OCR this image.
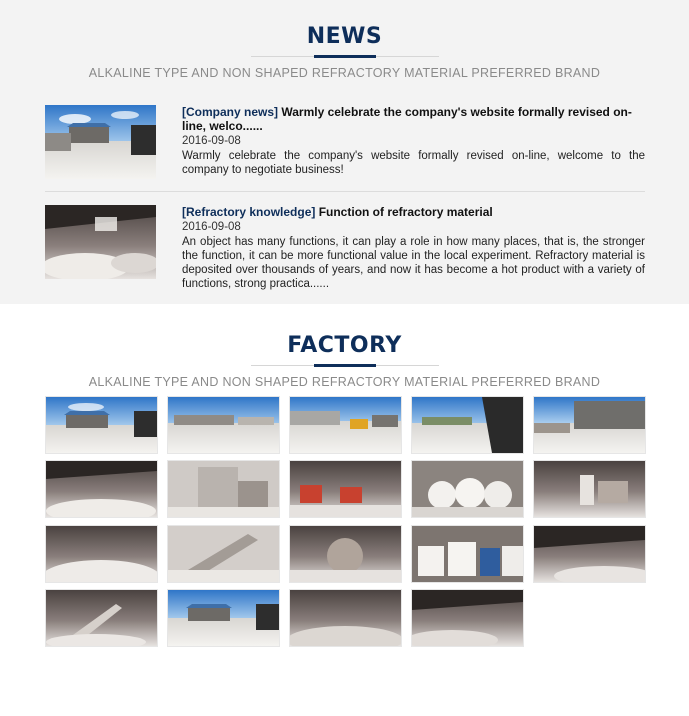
NEWS
ALKALINE TYPE AND NON SHAPED REFRACTORY MATERIAL PREFERRED BRAND
[Company news] Warmly celebrate the company's website formally revised on-line, welco......
2016-09-08
Warmly celebrate the company's website formally revised on-line, welcome to the company to negotiate business!
[Refractory knowledge] Function of refractory material
2016-09-08
An object has many functions, it can play a role in how many places, that is, the stronger the function, it can be more functional value in the local experiment. Refractory material is deposited over thousands of years, and now it has become a hot product with a variety of functions, strong practica......
FACTORY
ALKALINE TYPE AND NON SHAPED REFRACTORY MATERIAL PREFERRED BRAND
